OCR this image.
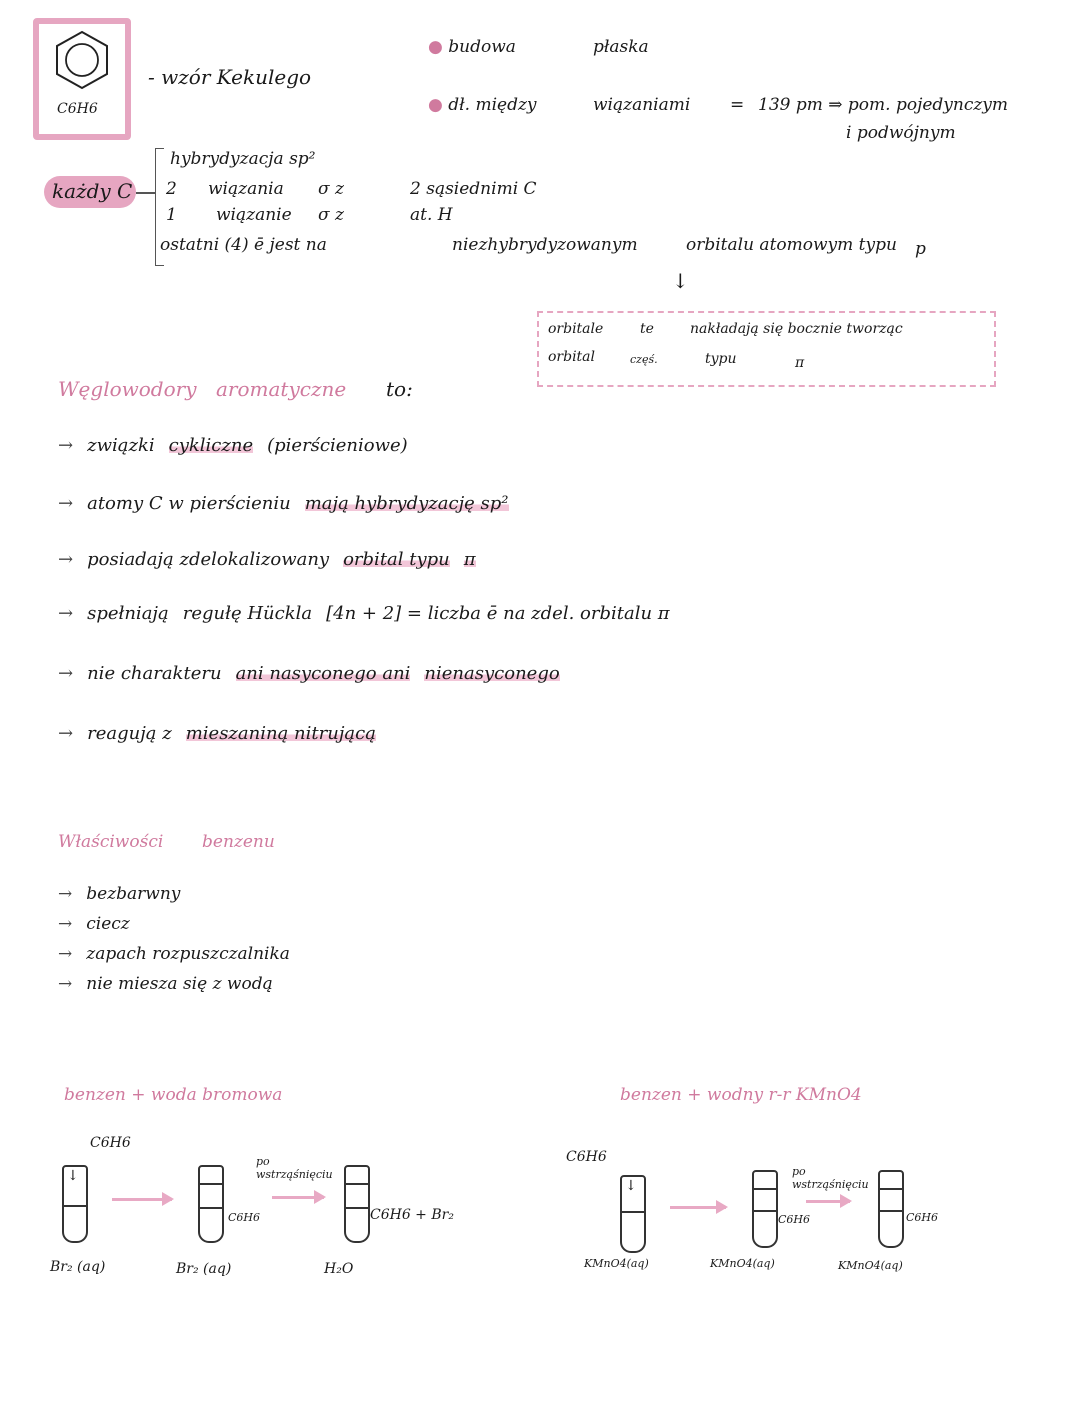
C6H6
- wzór Kekulego
● budowa	płaska
● dł. między	wiązaniami = 139 pm ⇒ pom. pojedynczym
i podwójnym
każdy C
hybrydyzacja sp²
2 wiązania σ z	2 sąsiednimi C
1 wiązanie σ z	at. H
ostatni (4) ē jest na	niezhybrydyzowanym	orbitalu atomowym typu p
↓
orbitale	te	nakładają się bocznie tworząc
orbital	częś.	typu	π
Węglowodory aromatyczne to:
→ związki cykliczne (pierścieniowe)
→ atomy C w pierścieniu mają hybrydyzację sp²
→ posiadają zdelokalizowany orbital typu π
→ spełniają regułę Hückla [4n + 2] = liczba ē na zdel. orbitalu π
→ nie charakteru ani nasyconego ani nienasyconego
→ reagują z mieszaniną nitrującą
Właściwości benzenu
→ bezbarwny
→ ciecz
→ zapach rozpuszczalnika
→ nie miesza się z wodą
benzen + woda bromowa
C6H6
↓
Br₂ (aq)
C6H6
Br₂ (aq)
po wstrząśnięciu
C6H6 + Br₂
H₂O
benzen + wodny r-r KMnO4
C6H6
↓
KMnO4(aq)
C6H6
KMnO4(aq)
po wstrząśnięciu
C6H6
KMnO4(aq)
